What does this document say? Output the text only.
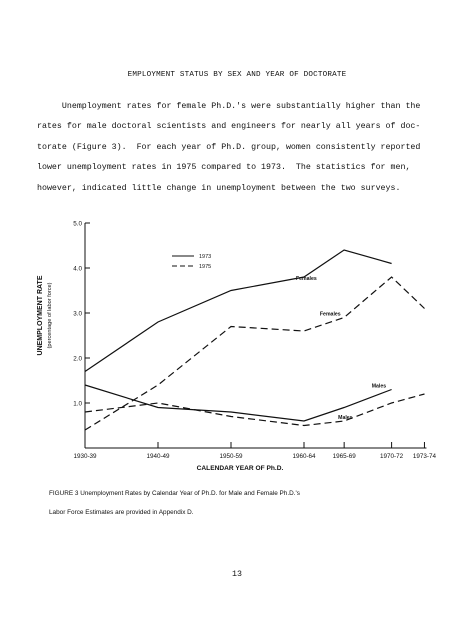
EMPLOYMENT STATUS BY SEX AND YEAR OF DOCTORATE
Unemployment rates for female Ph.D.'s were substantially higher than the
rates for male doctoral scientists and engineers for nearly all years of doc-
torate (Figure 3).  For each year of Ph.D. group, women consistently reported
lower unemployment rates in 1975 compared to 1973.  The statistics for men,
however, indicated little change in unemployment between the two surveys.
1.0
2.0
3.0
4.0
5.0
1930-39	1940-49	1950-59	1960-64	1965-69	1970-72 1973-74
CALENDAR YEAR OF Ph.D.
UNEMPLOYMENT RATE (percentage of labor force)
Females
Females
Males
Males
1973
1975
FIGURE 3 Unemployment Rates by Calendar Year of Ph.D. for Male and Female Ph.D.'s
Labor Force Estimates are provided in Appendix D.
13
